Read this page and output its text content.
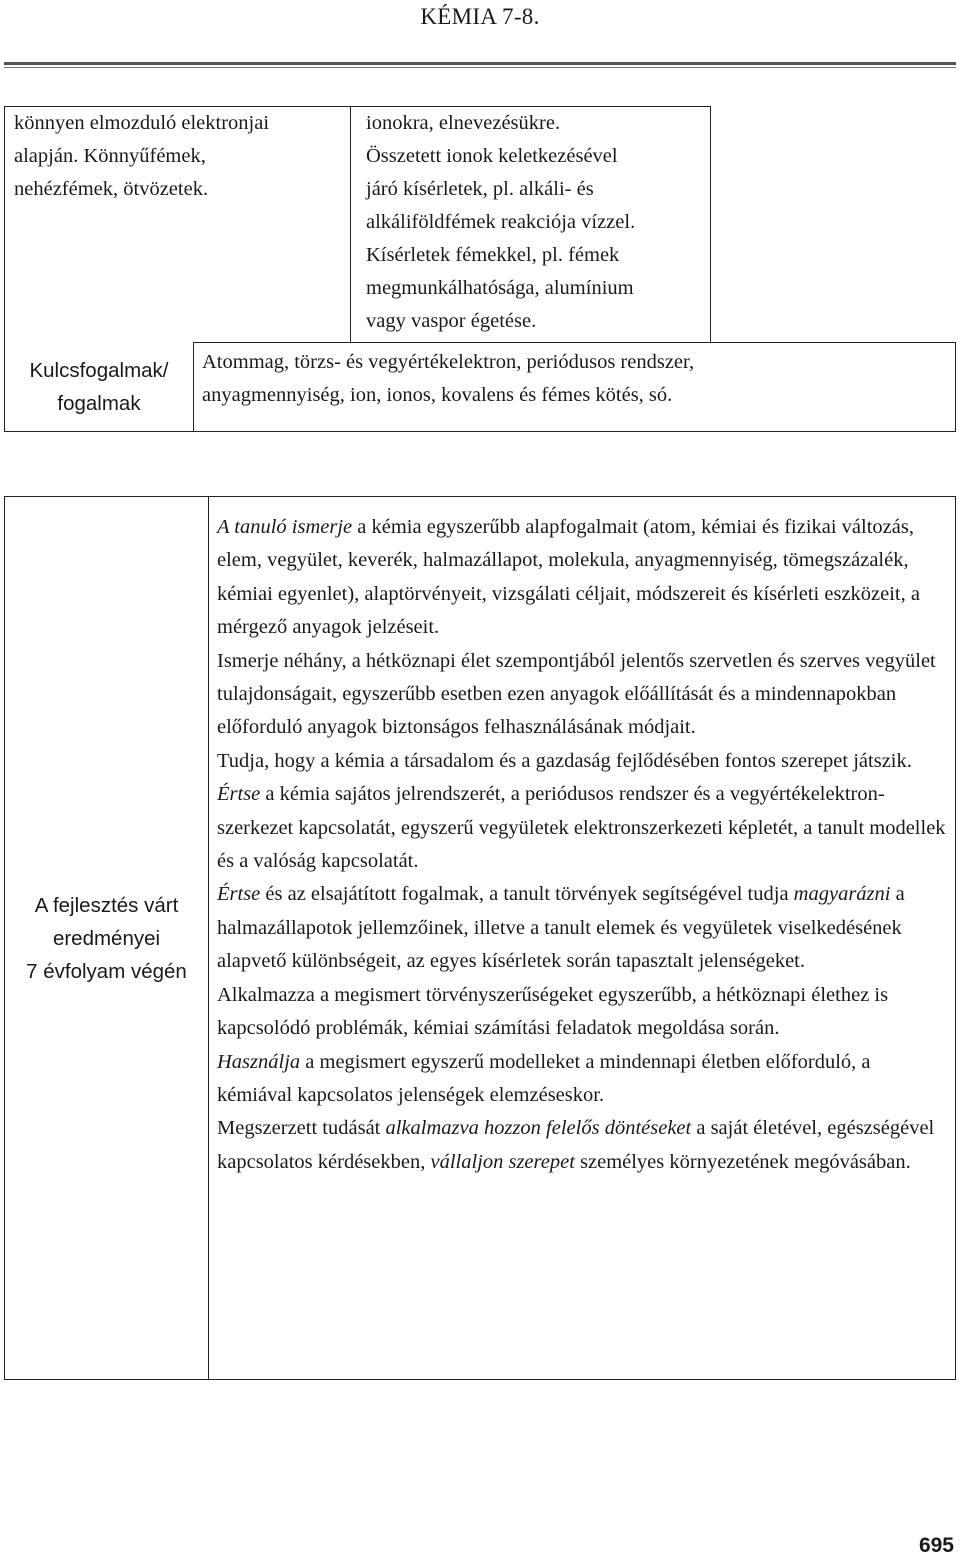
KÉMIA 7-8.

könnyen elmozduló elektronjai

alapján. Könnyűfémek,

nehézfémek, ötvözetek.

ionokra, elnevezésükre.

Összetett ionok keletkezésével

járó kísérletek, pl. alkáli- és

alkáliföldfémek reakciója vízzel.

Kísérletek fémekkel, pl. fémek

megmunkálhatósága, alumínium

vagy vaspor égetése.

Kulcsfogalmak/
fogalmak

Atommag, törzs- és vegyértékelektron, periódusos rendszer,

anyagmennyiség, ion, ionos, kovalens és fémes kötés, só.

A fejlesztés várt
eredményei
7 évfolyam végén

A tanuló ismerje a kémia egyszerűbb alapfogalmait (atom, kémiai és fizikai változás, elem, vegyület, keverék, halmazállapot, molekula, anyagmennyiség, tömegszázalék, kémiai egyenlet), alaptörvényeit, vizsgálati céljait, módszereit és kísérleti eszközeit, a mérgező anyagok jelzéseit.

Ismerje néhány, a hétköznapi élet szempontjából jelentős szervetlen és szerves vegyület tulajdonságait, egyszerűbb esetben ezen anyagok előállítását és a mindennapokban előforduló anyagok biztonságos felhasználásának módjait.

Tudja, hogy a kémia a társadalom és a gazdaság fejlődésében fontos szerepet játszik.

Értse a kémia sajátos jelrendszerét, a periódusos rendszer és a vegyértékelektron-szerkezet kapcsolatát, egyszerű vegyületek elektronszerkezeti képletét, a tanult modellek és a valóság kapcsolatát.

Értse és az elsajátított fogalmak, a tanult törvények segítségével tudja magyarázni a halmazállapotok jellemzőinek, illetve a tanult elemek és vegyületek viselkedésének alapvető különbségeit, az egyes kísérletek során tapasztalt jelenségeket.

Alkalmazza a megismert törvényszerűségeket egyszerűbb, a hétköznapi élethez is kapcsolódó problémák, kémiai számítási feladatok megoldása során.

Használja a megismert egyszerű modelleket a mindennapi életben előforduló, a kémiával kapcsolatos jelenségek elemzéseskor.

Megszerzett tudását alkalmazva hozzon felelős döntéseket a saját életével, egészségével kapcsolatos kérdésekben, vállaljon szerepet személyes környezetének megóvásában.

695
